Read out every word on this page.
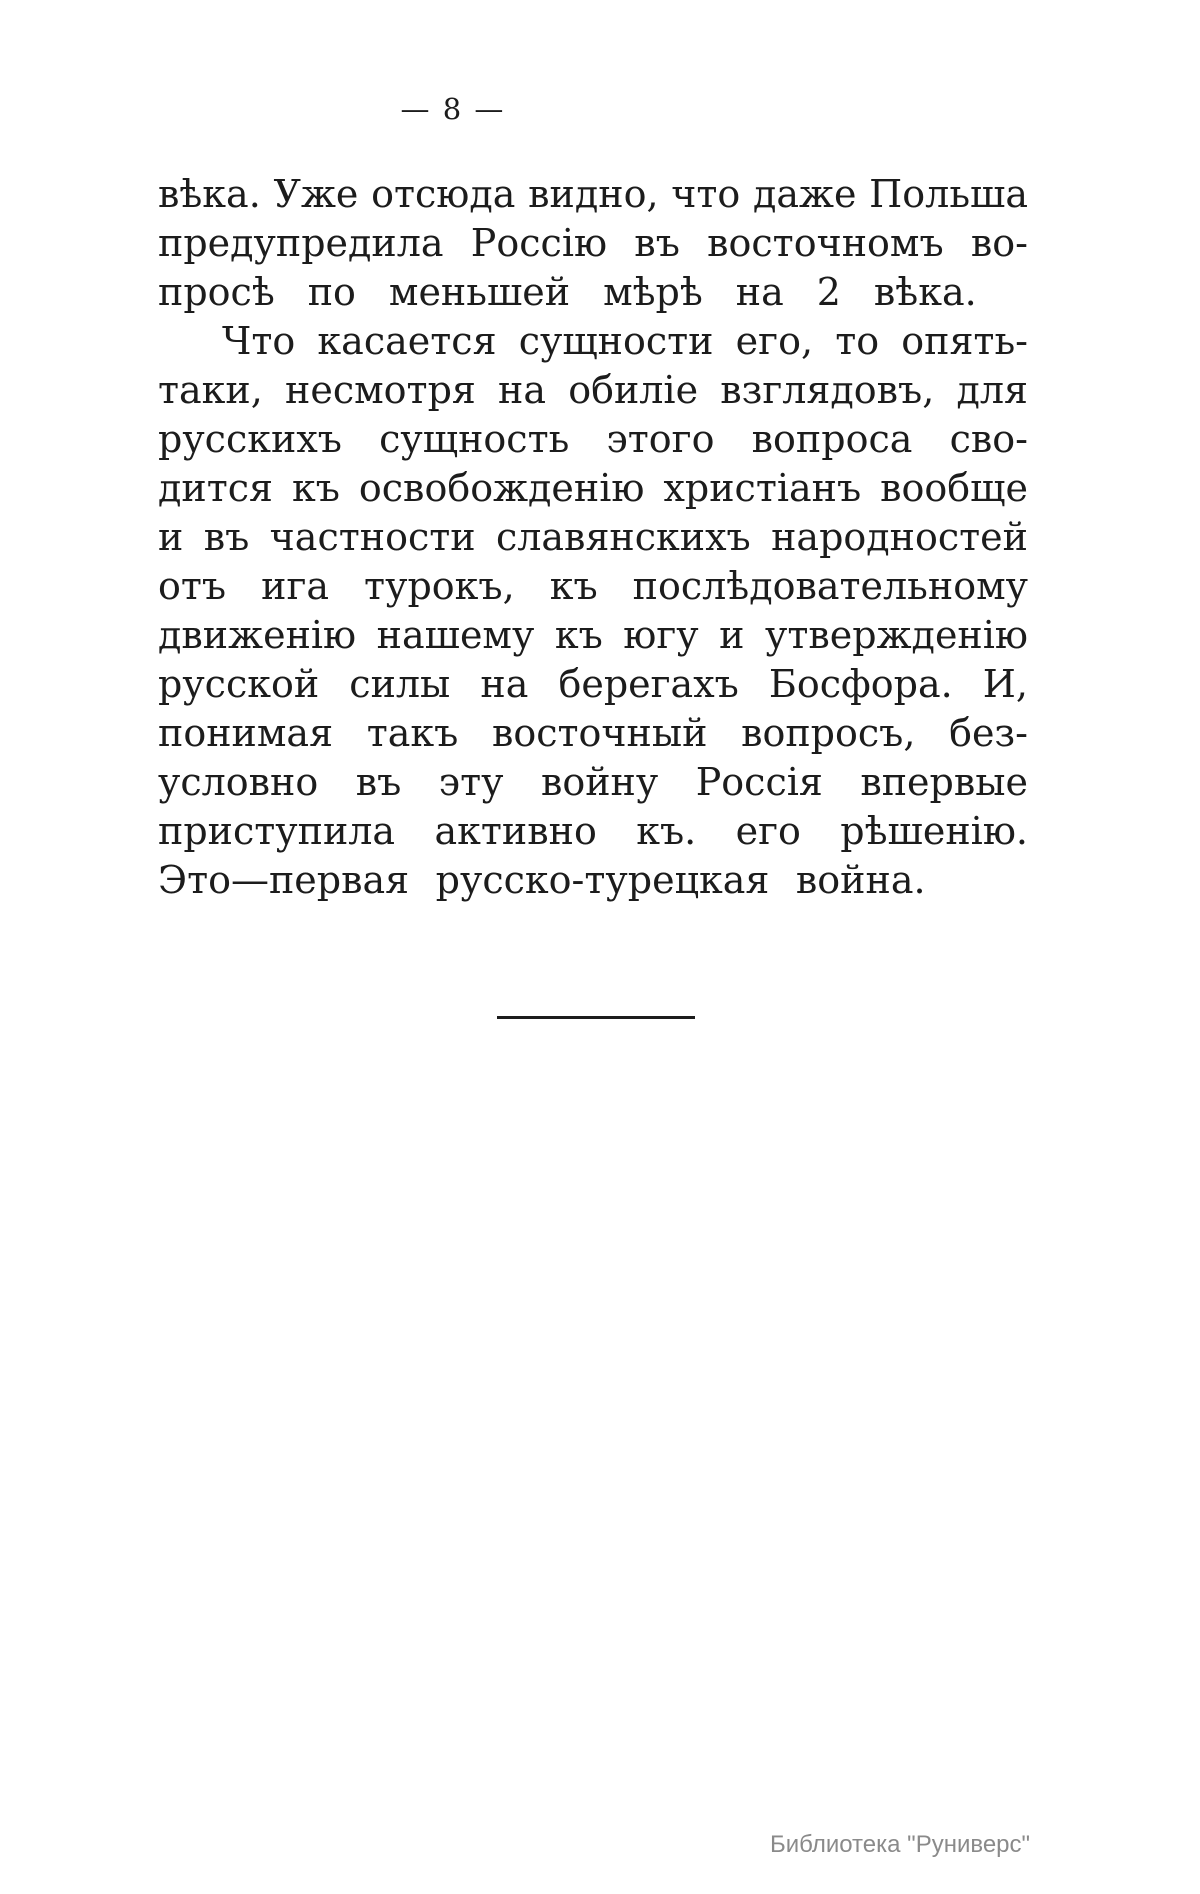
— 8 —
вѣка. Уже отсюда видно, что даже Польша
предупредила Россію въ восточномъ во-
просѣ по меньшей мѣрѣ на 2 вѣка.
Что касается сущности его, то опять-
таки, несмотря на обиліе взглядовъ, для
русскихъ сущность этого вопроса сво-
дится къ освобожденію христіанъ вообще
и въ частности славянскихъ народностей
отъ ига турокъ, къ послѣдовательному
движенію нашему къ югу и утвержденію
русской силы на берегахъ Босфора. И,
понимая такъ восточный вопросъ, без-
условно въ эту войну Россія впервые
приступила активно къ. его рѣшенію.
Это—первая русско-турецкая война.
Библиотека "Руниверс"
